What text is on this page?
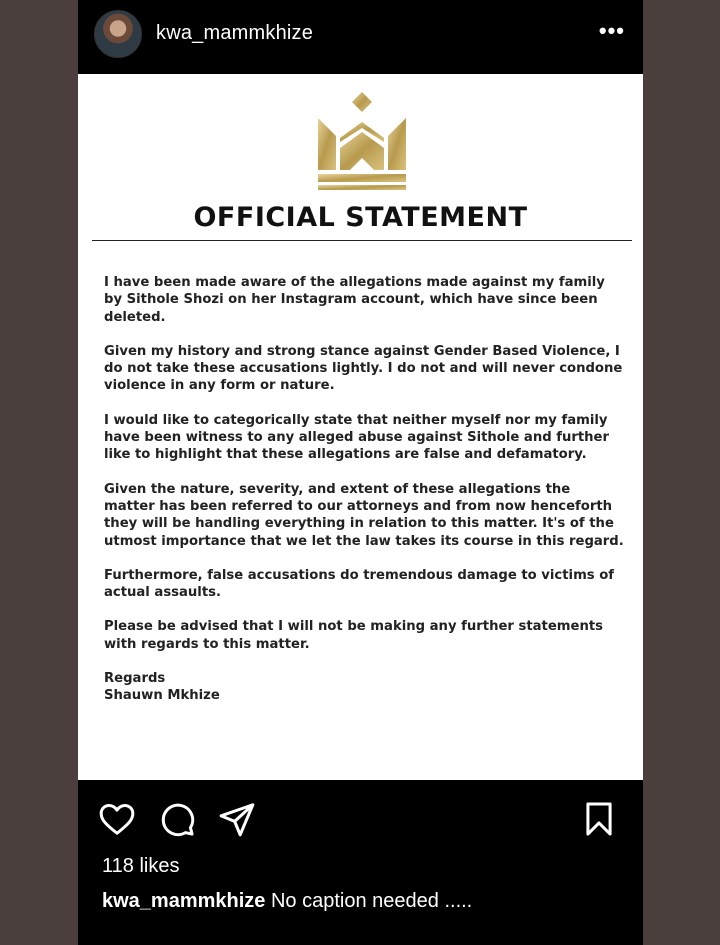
kwa_mammkhize	•••
OFFICIAL STATEMENT

I have been made aware of the allegations made against my family by Sithole Shozi on her Instagram account, which have since been deleted.

Given my history and strong stance against Gender Based Violence, I do not take these accusations lightly. I do not and will never condone violence in any form or nature.

I would like to categorically state that neither myself nor my family have been witness to any alleged abuse against Sithole and further like to highlight that these allegations are false and defamatory.

Given the nature, severity, and extent of these allegations the matter has been referred to our attorneys and from now henceforth they will be handling everything in relation to this matter. It's of the utmost importance that we let the law takes its course in this regard.

Furthermore, false accusations do tremendous damage to victims of actual assaults.

Please be advised that I will not be making any further statements with regards to this matter.

Regards

Shauwn Mkhize

118 likes
kwa_mammkhize No caption needed .....
